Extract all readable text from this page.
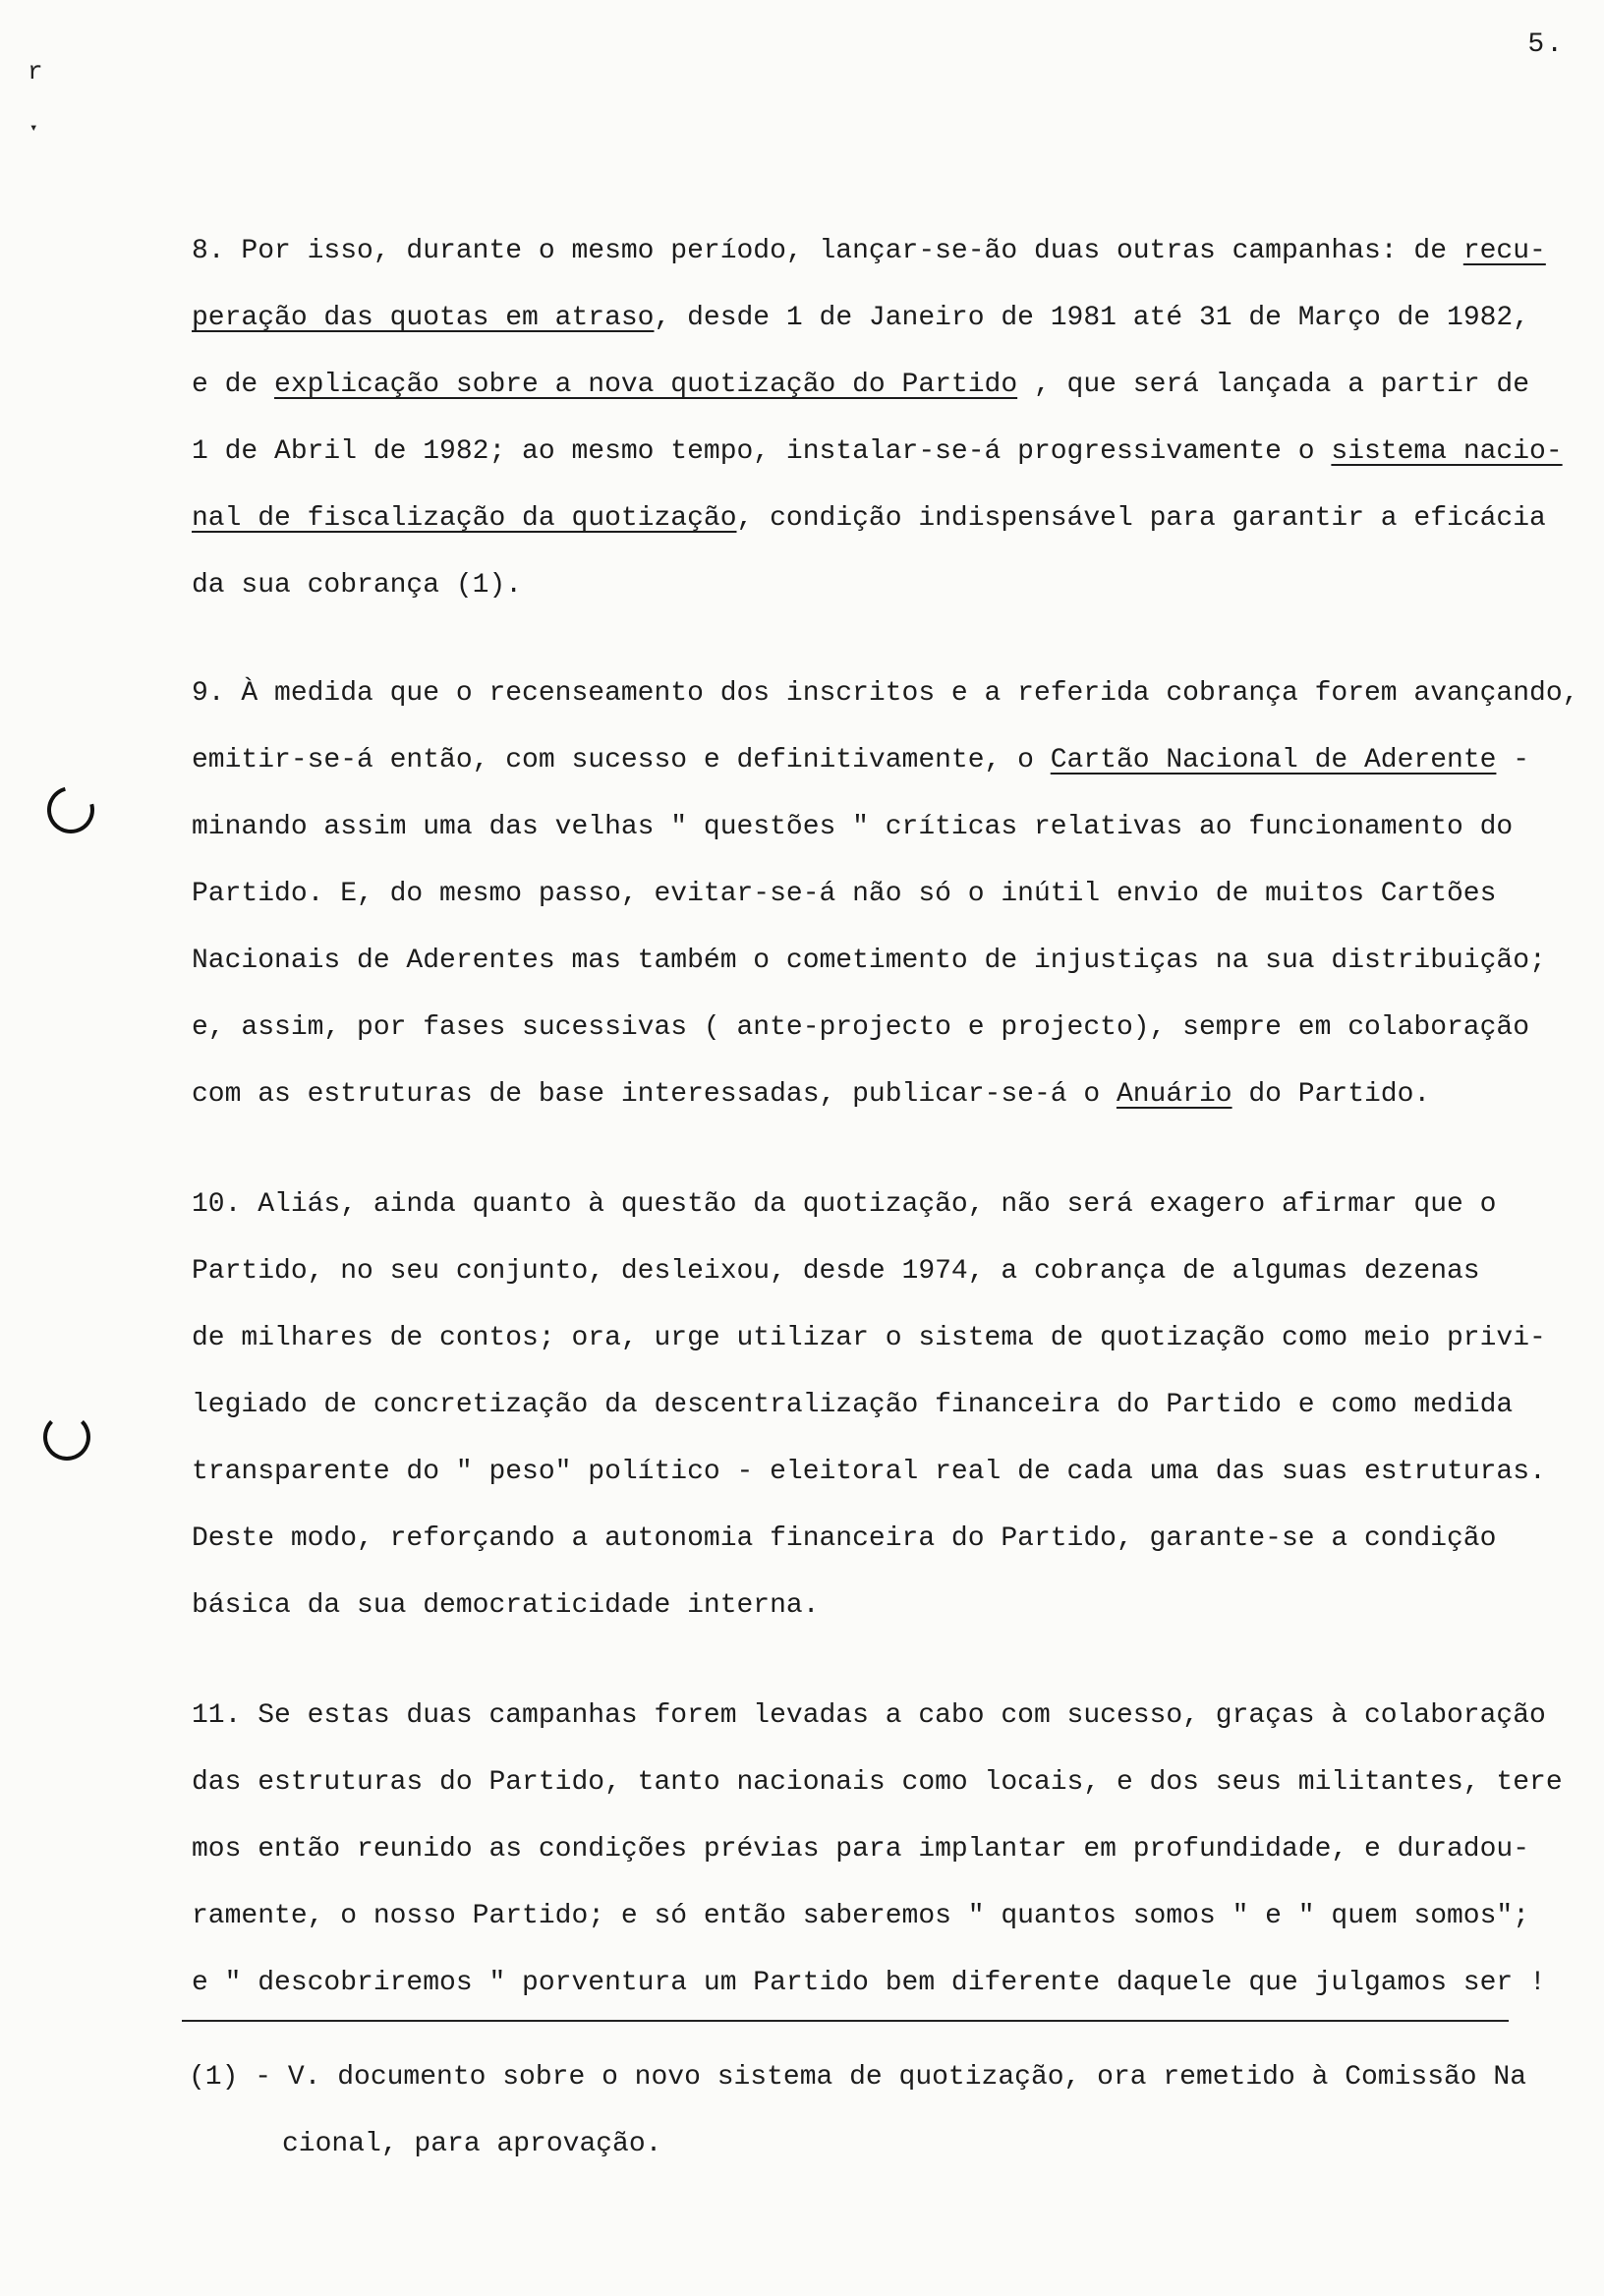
r
▾
5.
8. Por isso, durante o mesmo período, lançar-se-ão duas outras campanhas: de recu-
peração das quotas em atraso, desde 1 de Janeiro de 1981 até 31 de Março de 1982,
e de explicação sobre a nova quotização do Partido , que será lançada a partir de
1 de Abril de 1982; ao mesmo tempo, instalar-se-á progressivamente o sistema nacio-
nal de fiscalização da quotização, condição indispensável para garantir a eficácia
da sua cobrança (1).
9. À medida que o recenseamento dos inscritos e a referida cobrança forem avançando,
emitir-se-á então, com sucesso e definitivamente, o Cartão Nacional de Aderente -
minando assim uma das velhas " questões " críticas relativas ao funcionamento do
Partido. E, do mesmo passo, evitar-se-á não só o inútil envio de muitos Cartões
Nacionais de Aderentes mas também o cometimento de injustiças na sua distribuição;
e, assim, por fases sucessivas ( ante-projecto e projecto), sempre em colaboração
com as estruturas de base interessadas, publicar-se-á o Anuário do Partido.
10. Aliás, ainda quanto à questão da quotização, não será exagero afirmar que o
Partido, no seu conjunto, desleixou, desde 1974, a cobrança de algumas dezenas
de milhares de contos; ora, urge utilizar o sistema de quotização como meio privi-
legiado de concretização da descentralização financeira do Partido e como medida
transparente do " peso" político - eleitoral real de cada uma das suas estruturas.
Deste modo, reforçando a autonomia financeira do Partido, garante-se a condição
básica da sua democraticidade interna.
11. Se estas duas campanhas forem levadas a cabo com sucesso, graças à colaboração
das estruturas do Partido, tanto nacionais como locais, e dos seus militantes, tere
mos então reunido as condições prévias para implantar em profundidade, e duradou-
ramente, o nosso Partido; e só então saberemos " quantos somos " e " quem somos";
e " descobriremos " porventura um Partido bem diferente daquele que julgamos ser !
(1) - V. documento sobre o novo sistema de quotização, ora remetido à Comissão Na
cional, para aprovação.
